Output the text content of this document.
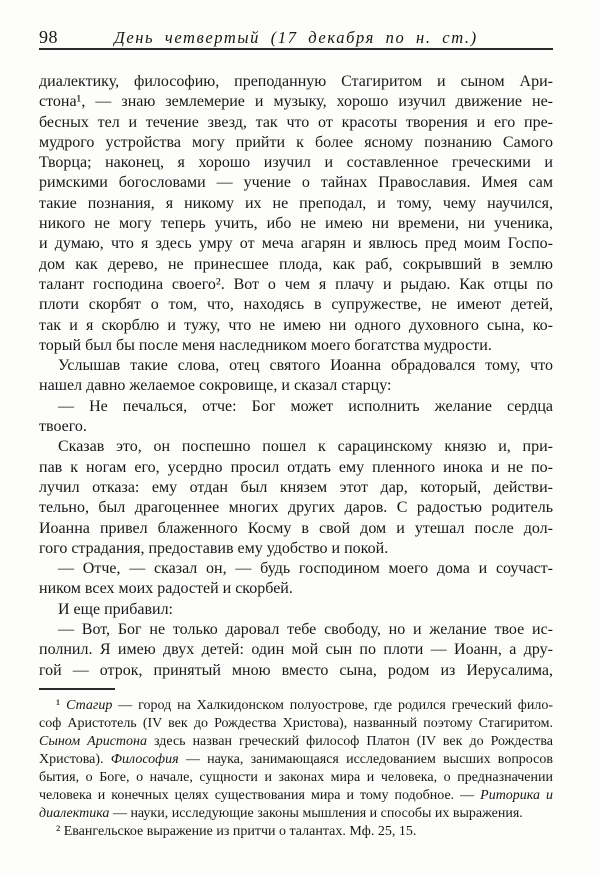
98	День четвертый (17 декабря по н. ст.)
диалектику, философию, преподанную Стагиритом и сыном Ари-
стона¹, — знаю землемерие и музыку, хорошо изучил движение не-
бесных тел и течение звезд, так что от красоты творения и его пре-
мудрого устройства могу прийти к более ясному познанию Самого
Творца; наконец, я хорошо изучил и составленное греческими и
римскими богословами — учение о тайнах Православия. Имея сам
такие познания, я никому их не преподал, и тому, чему научился,
никого не могу теперь учить, ибо не имею ни времени, ни ученика,
и думаю, что я здесь умру от меча агарян и явлюсь пред моим Госпо-
дом как дерево, не принесшее плода, как раб, сокрывший в землю
талант господина своего². Вот о чем я плачу и рыдаю. Как отцы по
плоти скорбят о том, что, находясь в супружестве, не имеют детей,
так и я скорблю и тужу, что не имею ни одного духовного сына, ко-
торый был бы после меня наследником моего богатства мудрости.
Услышав такие слова, отец святого Иоанна обрадовался тому, что
нашел давно желаемое сокровище, и сказал старцу:
— Не печалься, отче: Бог может исполнить желание сердца
твоего.
Сказав это, он поспешно пошел к сарацинскому князю и, при-
пав к ногам его, усердно просил отдать ему пленного инока и не по-
лучил отказа: ему отдан был князем этот дар, который, действи-
тельно, был драгоценнее многих других даров. С радостью родитель
Иоанна привел блаженного Косму в свой дом и утешал после дол-
гого страдания, предоставив ему удобство и покой.
— Отче, — сказал он, — будь господином моего дома и соучаст-
ником всех моих радостей и скорбей.
И еще прибавил:
— Вот, Бог не только даровал тебе свободу, но и желание твое ис-
полнил. Я имею двух детей: один мой сын по плоти — Иоанн, а дру-
гой — отрок, принятый мною вместо сына, родом из Иерусалима,
¹ Стагир — город на Халкидонском полуострове, где родился греческий фило-
соф Аристотель (IV век до Рождества Христова), названный поэтому Стагиритом.
Сыном Аристона здесь назван греческий философ Платон (IV век до Рождества
Христова). Философия — наука, занимающаяся исследованием высших вопросов
бытия, о Боге, о начале, сущности и законах мира и человека, о предназначении
человека и конечных целях существования мира и тому подобное. — Риторика и
диалектика — науки, исследующие законы мышления и способы их выражения.
² Евангельское выражение из притчи о талантах. Мф. 25, 15.
